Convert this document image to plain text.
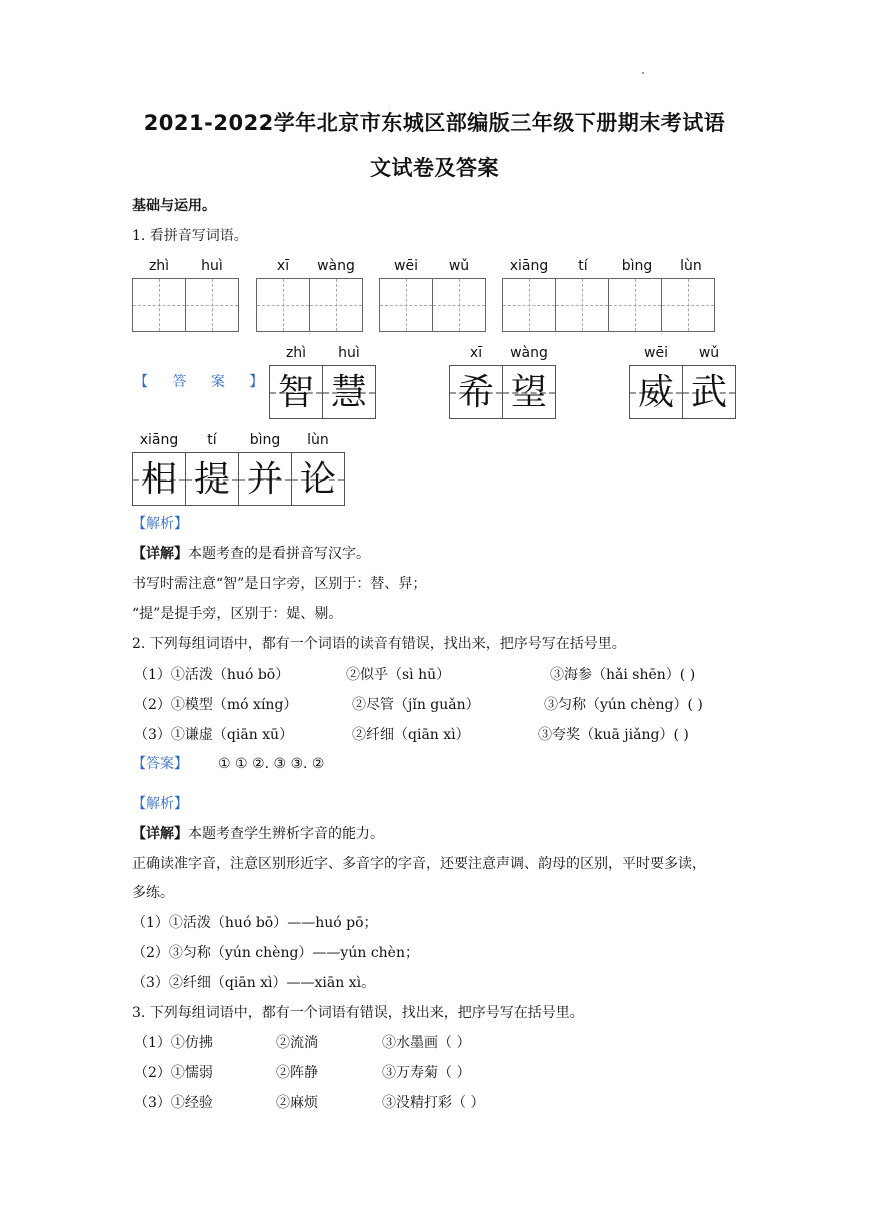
2021-2022学年北京市东城区部编版三年级下册期末考试语
文试卷及答案
基础与运用。
1. 看拼音写词语。
zhì	huì	xī	wàng	wēi	wǔ	xiāng	tí	bìng	lùn
【 答 案 】
zhì	huì
智 慧
xī	wàng
希 望
wēi	wǔ
威 武
xiāng	tí	bìng	lùn
相 提 并 论
【解析】
【详解】本题考查的是看拼音写汉字。
书写时需注意“智”是日字旁，区别于：替、舁；
“提”是提手旁，区别于：媞、剔。
2. 下列每组词语中，都有一个词语的读音有错误，找出来，把序号写在括号里。
（1）①活泼（huó bō）	②似乎（sì hū）	③海参（hǎi shēn）( )
（2）①模型（mó xíng）	②尽管（jǐn guǎn）	③匀称（yún chèng）( )
（3）①谦虚（qiān xū）	②纤细（qiān xì）	③夸奖（kuā jiǎng）( )
【答案】 ① ① ②. ③ ③. ②
【解析】
【详解】本题考查学生辨析字音的能力。
正确读准字音，注意区别形近字、多音字的字音，还要注意声调、韵母的区别，平时要多读，
多练。
（1）①活泼（huó bō）——huó pō；
（2）③匀称（yún chèng）——yún chèn；
（3）②纤细（qiān xì）——xiān xì。
3. 下列每组词语中，都有一个词语有错误，找出来，把序号写在括号里。
（1）①仿拂	②流淌	③水墨画（ ）
（2）①懦弱	②阵静	③万寿菊（ ）
（3）①经验	②麻烦	③没精打彩（ ）
